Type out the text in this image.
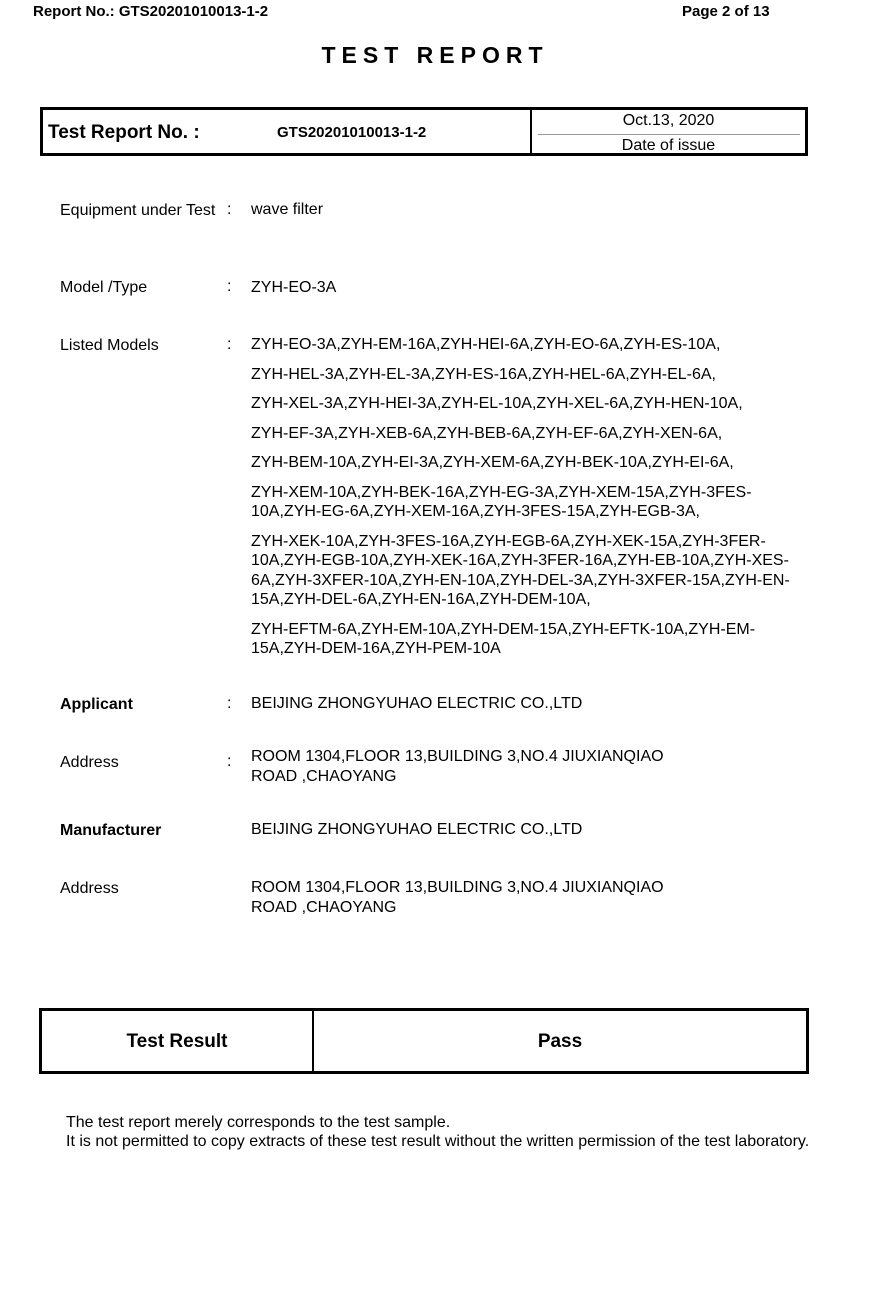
Report No.: GTS20201010013-1-2	Page 2 of 13
TEST REPORT
Test Report No. :	GTS20201010013-1-2
Oct.13, 2020
Date of issue
Equipment under Test : wave filter
Model /Type	: ZYH-EO-3A
Listed Models	: ZYH-EO-3A,ZYH-EM-16A,ZYH-HEI-6A,ZYH-EO-6A,ZYH-ES-10A,

ZYH-HEL-3A,ZYH-EL-3A,ZYH-ES-16A,ZYH-HEL-6A,ZYH-EL-6A,

ZYH-XEL-3A,ZYH-HEI-3A,ZYH-EL-10A,ZYH-XEL-6A,ZYH-HEN-10A,

ZYH-EF-3A,ZYH-XEB-6A,ZYH-BEB-6A,ZYH-EF-6A,ZYH-XEN-6A,

ZYH-BEM-10A,ZYH-EI-3A,ZYH-XEM-6A,ZYH-BEK-10A,ZYH-EI-6A,

ZYH-XEM-10A,ZYH-BEK-16A,ZYH-EG-3A,ZYH-XEM-15A,ZYH-3FES-10A,ZYH-EG-6A,ZYH-XEM-16A,ZYH-3FES-15A,ZYH-EGB-3A,

ZYH-XEK-10A,ZYH-3FES-16A,ZYH-EGB-6A,ZYH-XEK-15A,ZYH-3FER-10A,ZYH-EGB-10A,ZYH-XEK-16A,ZYH-3FER-16A,ZYH-EB-10A,ZYH-XES-6A,ZYH-3XFER-10A,ZYH-EN-10A,ZYH-DEL-3A,ZYH-3XFER-15A,ZYH-EN-15A,ZYH-DEL-6A,ZYH-EN-16A,ZYH-DEM-10A,

ZYH-EFTM-6A,ZYH-EM-10A,ZYH-DEM-15A,ZYH-EFTK-10A,ZYH-EM-15A,ZYH-DEM-16A,ZYH-PEM-10A

Applicant	: BEIJING ZHONGYUHAO ELECTRIC CO.,LTD
Address	: ROOM 1304,FLOOR 13,BUILDING 3,NO.4 JIUXIANQIAO ROAD ,CHAOYANG
Manufacturer	BEIJING ZHONGYUHAO ELECTRIC CO.,LTD
Address	ROOM 1304,FLOOR 13,BUILDING 3,NO.4 JIUXIANQIAO ROAD ,CHAOYANG
Test Result	Pass
The test report merely corresponds to the test sample.
It is not permitted to copy extracts of these test result without the written permission of the test laboratory.
